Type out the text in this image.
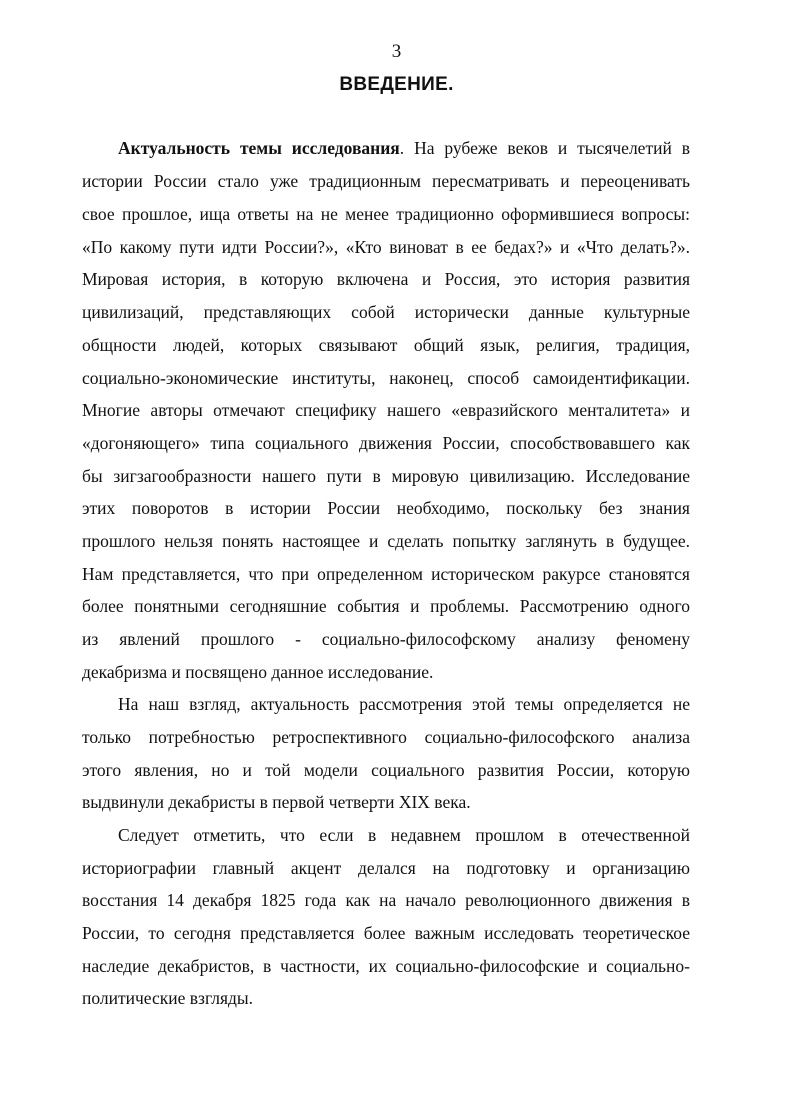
3
ВВЕДЕНИЕ.
Актуальность темы исследования. На рубеже веков и тысячелетий в
истории России стало уже традиционным пересматривать и переоценивать
свое прошлое, ища ответы на не менее традиционно оформившиеся вопросы:
«По какому пути идти России?», «Кто виноват в ее бедах?» и «Что делать?».
Мировая история, в которую включена и Россия, это история развития
цивилизаций, представляющих собой исторически данные культурные
общности людей, которых связывают общий язык, религия, традиция,
социально-экономические институты, наконец, способ самоидентификации.
Многие авторы отмечают специфику нашего «евразийского менталитета» и
«догоняющего» типа социального движения России, способствовавшего как
бы зигзагообразности нашего пути в мировую цивилизацию. Исследование
этих поворотов в истории России необходимо, поскольку без знания
прошлого нельзя понять настоящее и сделать попытку заглянуть в будущее.
Нам представляется, что при определенном историческом ракурсе становятся
более понятными сегодняшние события и проблемы. Рассмотрению одного
из явлений прошлого - социально-философскому анализу феномену
декабризма и посвящено данное исследование.
На наш взгляд, актуальность рассмотрения этой темы определяется не
только потребностью ретроспективного социально-философского анализа
этого явления, но и той модели социального развития России, которую
выдвинули декабристы в первой четверти XIX века.
Следует отметить, что если в недавнем прошлом в отечественной
историографии главный акцент делался на подготовку и организацию
восстания 14 декабря 1825 года как на начало революционного движения в
России, то сегодня представляется более важным исследовать теоретическое
наследие декабристов, в частности, их социально-философские и социально-
политические взгляды.
